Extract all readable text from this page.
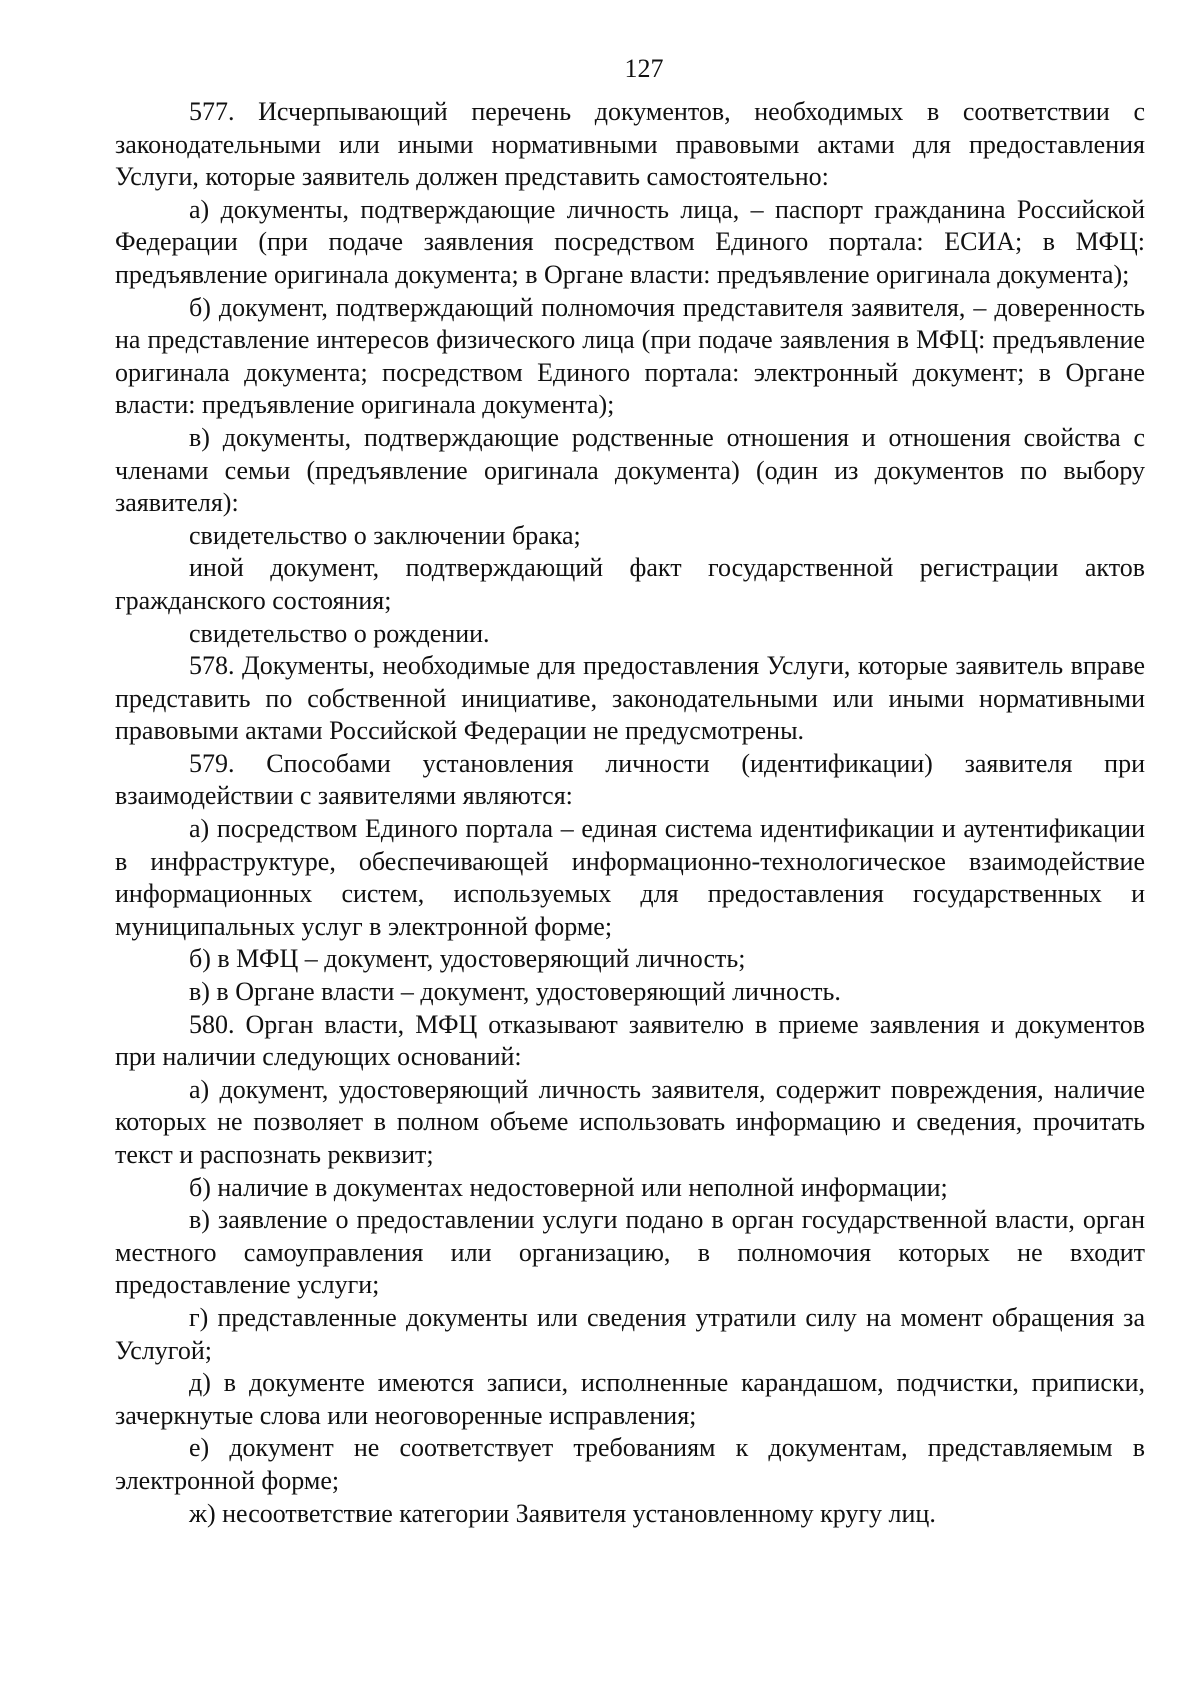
127

577. Исчерпывающий перечень документов, необходимых в соответствии с законодательными или иными нормативными правовыми актами для предоставления Услуги, которые заявитель должен представить самостоятельно:

а) документы, подтверждающие личность лица, – паспорт гражданина Российской Федерации (при подаче заявления посредством Единого портала: ЕСИА; в МФЦ: предъявление оригинала документа; в Органе власти: предъявление оригинала документа);

б) документ, подтверждающий полномочия представителя заявителя, – доверенность на представление интересов физического лица (при подаче заявления в МФЦ: предъявление оригинала документа; посредством Единого портала: электронный документ; в Органе власти: предъявление оригинала документа);

в) документы, подтверждающие родственные отношения и отношения свойства с членами семьи (предъявление оригинала документа) (один из документов по выбору заявителя):

свидетельство о заключении брака;

иной документ, подтверждающий факт государственной регистрации актов гражданского состояния;

свидетельство о рождении.

578. Документы, необходимые для предоставления Услуги, которые заявитель вправе представить по собственной инициативе, законодательными или иными нормативными правовыми актами Российской Федерации не предусмотрены.

579. Способами установления личности (идентификации) заявителя при взаимодействии с заявителями являются:

а) посредством Единого портала – единая система идентификации и аутентификации в инфраструктуре, обеспечивающей информационно-технологическое взаимодействие информационных систем, используемых для предоставления государственных и муниципальных услуг в электронной форме;

б) в МФЦ – документ, удостоверяющий личность;

в) в Органе власти – документ, удостоверяющий личность.

580. Орган власти, МФЦ отказывают заявителю в приеме заявления и документов при наличии следующих оснований:

а) документ, удостоверяющий личность заявителя, содержит повреждения, наличие которых не позволяет в полном объеме использовать информацию и сведения, прочитать текст и распознать реквизит;

б) наличие в документах недостоверной или неполной информации;

в) заявление о предоставлении услуги подано в орган государственной власти, орган местного самоуправления или организацию, в полномочия которых не входит предоставление услуги;

г) представленные документы или сведения утратили силу на момент обращения за Услугой;

д) в документе имеются записи, исполненные карандашом, подчистки, приписки, зачеркнутые слова или неоговоренные исправления;

е) документ не соответствует требованиям к документам, представляемым в электронной форме;

ж) несоответствие категории Заявителя установленному кругу лиц.
